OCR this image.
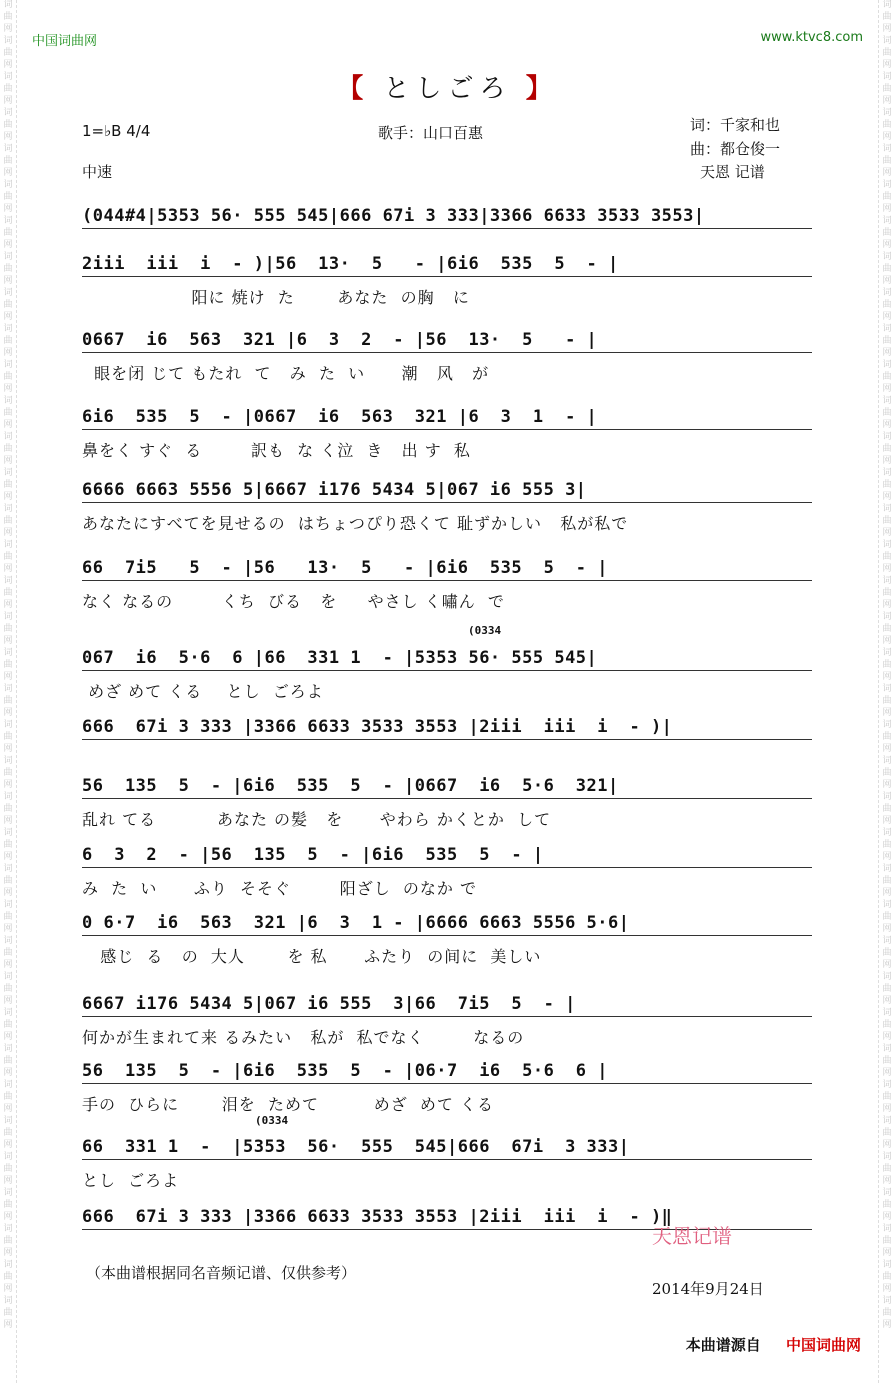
词
曲
网
词
曲
网
词
曲
网
词
曲
网
词
曲
网
词
曲
网
词
曲
网
词
曲
网
词
曲
网
词
曲
网
词
曲
网
词
曲
网
词
曲
网
词
曲
网
词
曲
网
词
曲
网
词
曲
网
词
曲
网
词
曲
网
词
曲
网
词
曲
网
词
曲
网
词
曲
网
词
曲
网
词
曲
网
词
曲
网
词
曲
网
词
曲
网
词
曲
网
词
曲
网
词
曲
网
词
曲
网
词
曲
网
词
曲
网
词
曲
网
词
曲
网
词
曲
网
词
曲
网
词
曲
网
词
曲
网
词
曲
网
词
曲
网
词
曲
网
词
曲
网
词
曲
网
词
曲
网
词
曲
网
词
曲
网
词
曲
网
词
曲
网
词
曲
网
词
曲
网
词
曲
网
词
曲
网
词
曲
网
词
曲
网
词
曲
网
词
曲
网
词
曲
网
词
曲
网
词
曲
网
词
曲
网
词
曲
网
词
曲
网
词
曲
网
词
曲
网
词
曲
网
词
曲
网
词
曲
网
词
曲
网
词
曲
网
词
曲
网
词
曲
网
词
曲
网
中国词曲网	www.ktvc8.com
【 としごろ 】
1=♭B 4/4	歌手：山口百惠	词：千家和也
曲：都仓俊一
天恩 记谱
中速
(044#4|5353 56· 555 545|666 67i 3 333|3366 6633 3533 3553|
2iii  iii  i  - )|56  13·  5   - |6i6  535  5  - |
阳に 焼け  た       あなた  の胸   に
0667  i6  563  321 |6  3  2  - |56  13·  5   - |
眼を闭 じて もたれ  て   み  た  い      潮   风   が
6i6  535  5  - |0667  i6  563  321 |6  3  1  - |
鼻をく すぐ  る        訳も  な く泣  き   出 す  私
6666 6663 5556 5|6667 i176 5434 5|067 i6 555 3|
あなたにすべてを見せるの  はちょつぴり恐くて 耻ずかしい   私が私で
66  7i5   5  - |56   13·  5   - |6i6  535  5  - |
なく なるの        くち  びる   を     やさし く嘯ん  で
(0334
067  i6  5·6  6 |66  331 1  - |5353 56· 555 545|
めざ めて くる    とし  ごろよ
666  67i 3 333 |3366 6633 3533 3553 |2iii  iii  i  - )|
56  135  5  - |6i6  535  5  - |0667  i6  5·6  321|
乱れ てる          あなた の髪   を      やわら かくとか  して
6  3  2  - |56  135  5  - |6i6  535  5  - |
み  た  い      ふり  そそぐ        阳ざし  のなか で
0 6·7  i6  563  321 |6  3  1 - |6666 6663 5556 5·6|
感じ  る   の  大人       を 私      ふたり  の间に  美しい
6667 i176 5434 5|067 i6 555  3|66  7i5  5  - |
何かが生まれて来 るみたい   私が  私でなく        なるの
56  135  5  - |6i6  535  5  - |06·7  i6  5·6  6 |
手の  ひらに       泪を  ためて         めざ  めて くる
(0334
66  331 1  -  |5353  56·  555  545|666  67i  3 333|
とし  ごろよ
666  67i 3 333 |3366 6633 3533 3553 |2iii  iii  i  - )‖
（本曲谱根据同名音频记谱、仅供参考）
天恩记谱
2014年9月24日
本曲谱源自 中国词曲网
